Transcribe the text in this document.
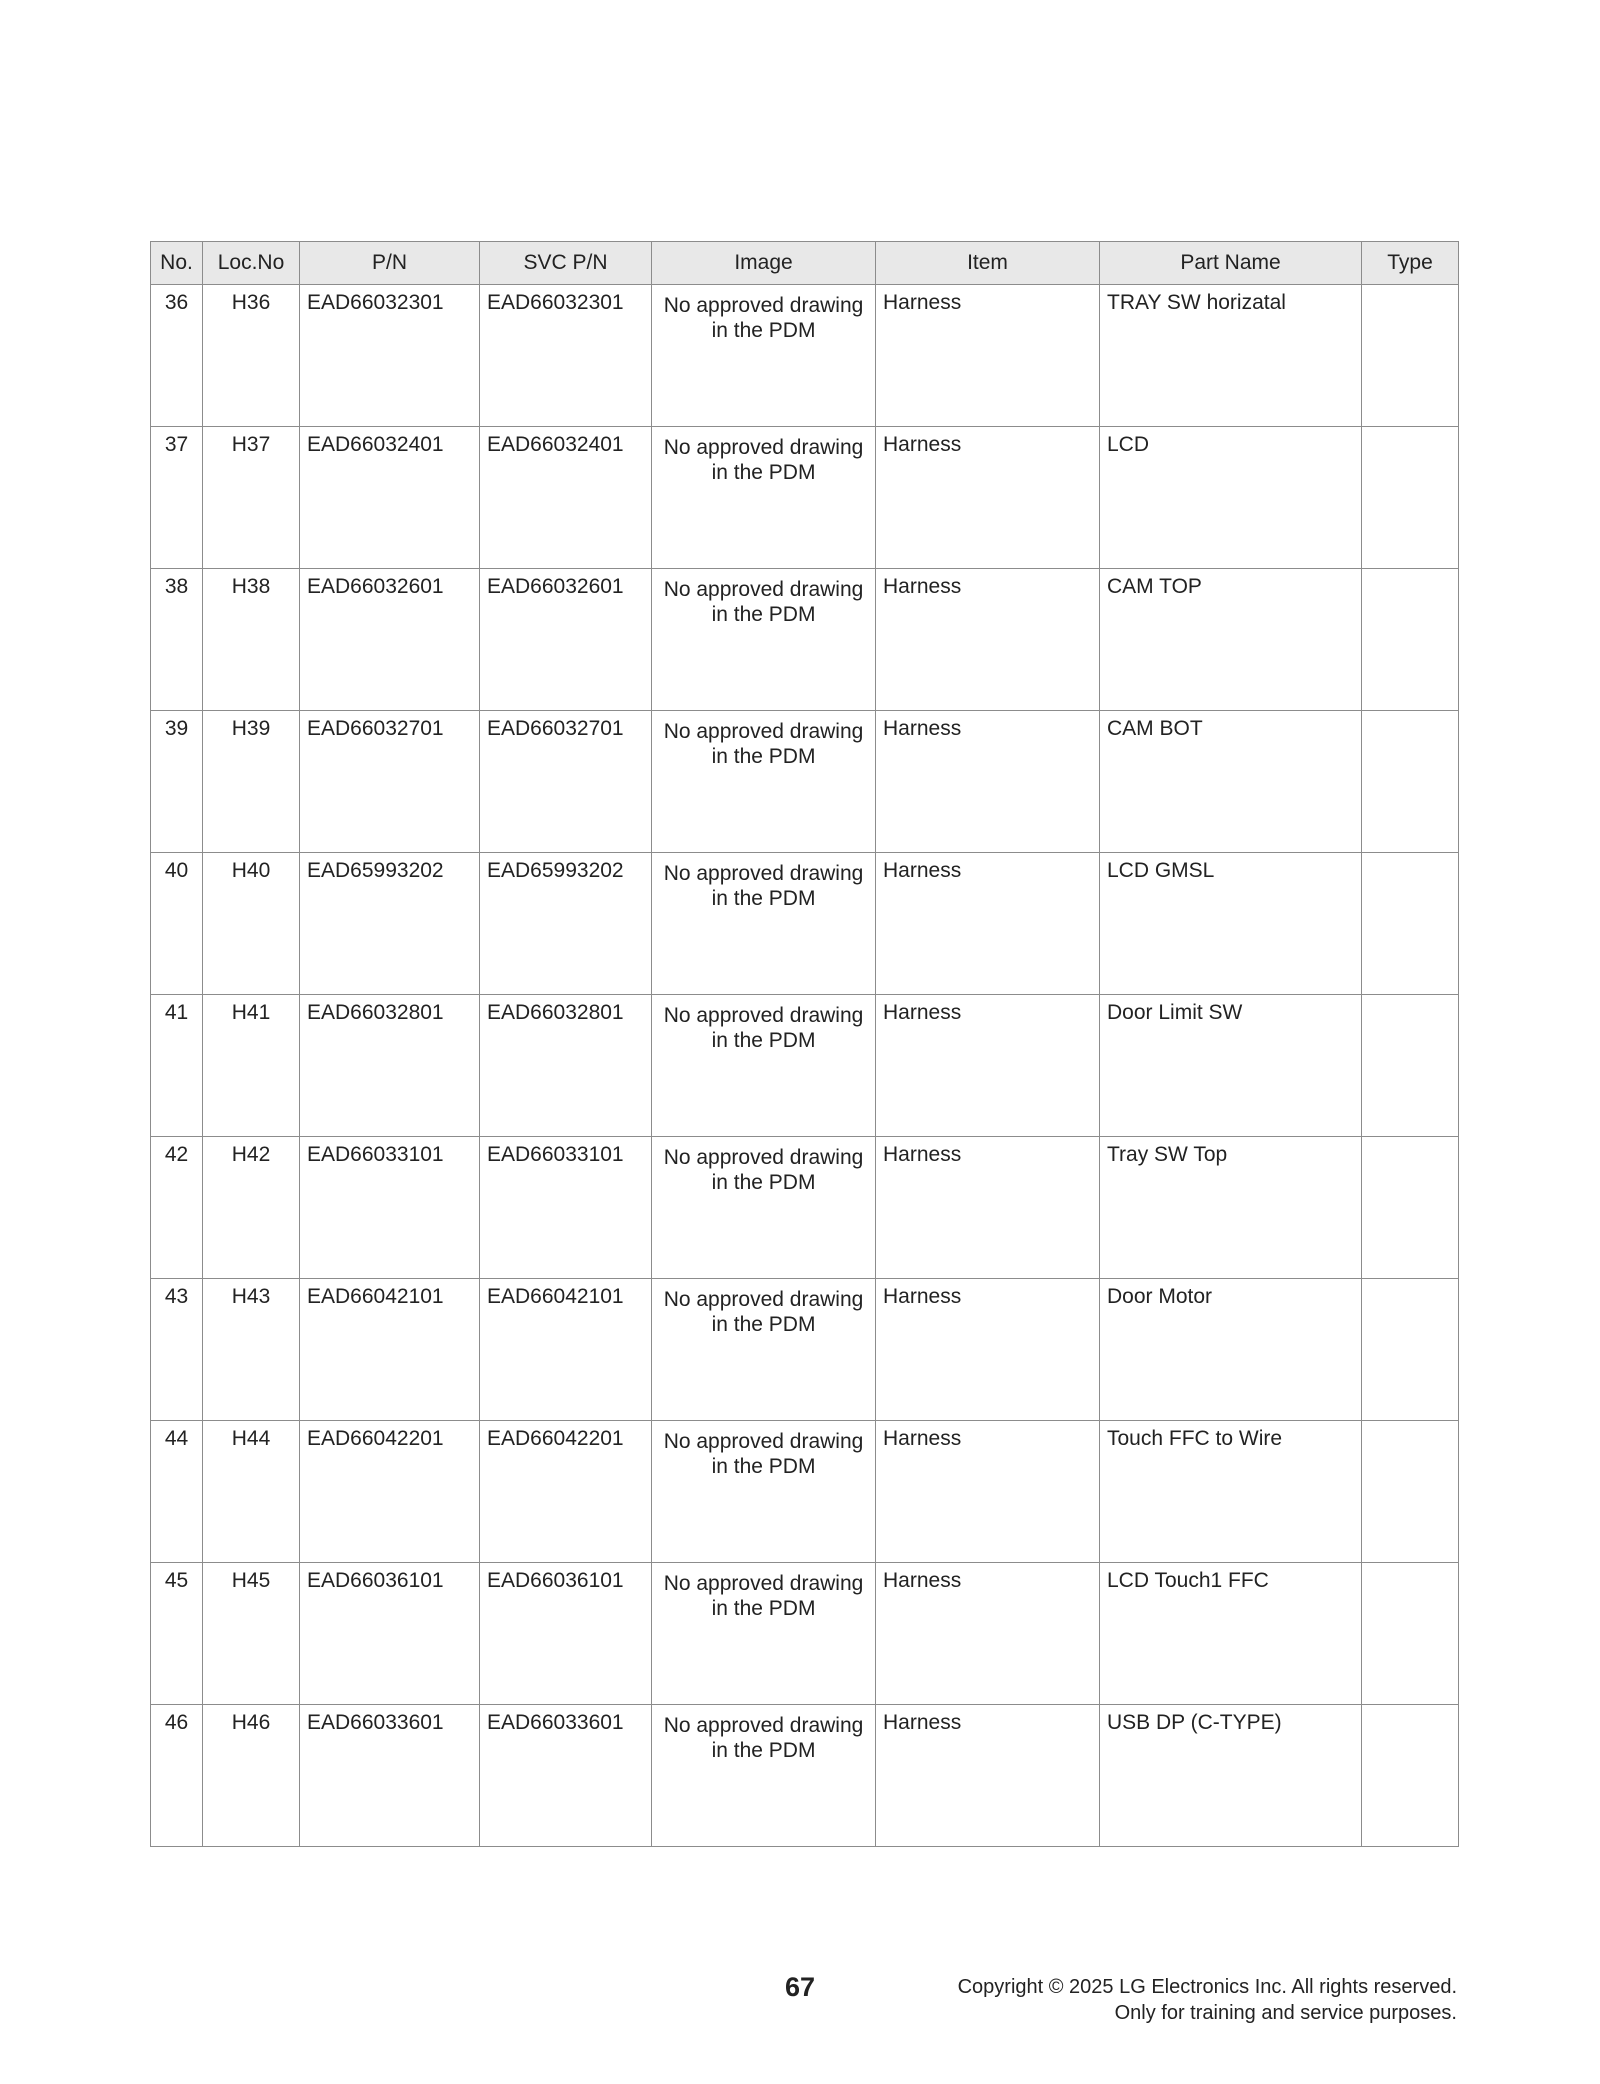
No.	Loc.No	P/N	SVC P/N	Image	Item	Part Name	Type
36	H36	EAD66032301	EAD66032301	No approved drawing
in the PDM	Harness	TRAY SW horizatal	
37	H37	EAD66032401	EAD66032401	No approved drawing
in the PDM	Harness	LCD	
38	H38	EAD66032601	EAD66032601	No approved drawing
in the PDM	Harness	CAM TOP	
39	H39	EAD66032701	EAD66032701	No approved drawing
in the PDM	Harness	CAM BOT	
40	H40	EAD65993202	EAD65993202	No approved drawing
in the PDM	Harness	LCD GMSL	
41	H41	EAD66032801	EAD66032801	No approved drawing
in the PDM	Harness	Door Limit SW	
42	H42	EAD66033101	EAD66033101	No approved drawing
in the PDM	Harness	Tray SW Top	
43	H43	EAD66042101	EAD66042101	No approved drawing
in the PDM	Harness	Door Motor	
44	H44	EAD66042201	EAD66042201	No approved drawing
in the PDM	Harness	Touch FFC to Wire	
45	H45	EAD66036101	EAD66036101	No approved drawing
in the PDM	Harness	LCD Touch1 FFC	
46	H46	EAD66033601	EAD66033601	No approved drawing
in the PDM	Harness	USB DP (C-TYPE)	
67	Copyright © 2025 LG Electronics Inc. All rights reserved.
Only for training and service purposes.
